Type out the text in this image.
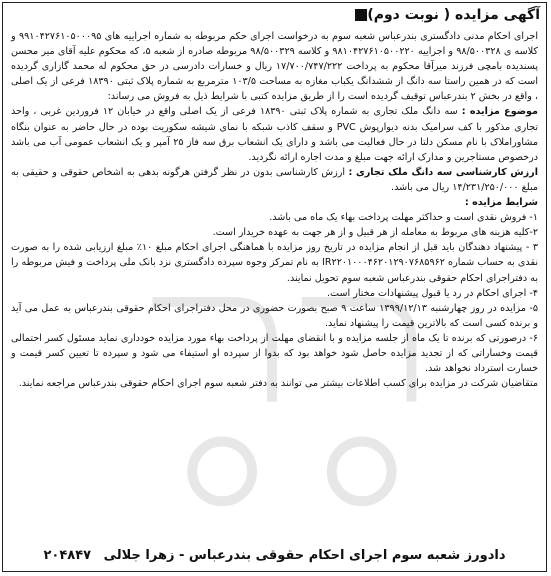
آگهی مزایده ( نوبت دوم)

اجرای احکام مدنی دادگستری بندرعباس شعبه سوم به درخواست اجرای حکم مربوطه به شماره اجراییه های ۹۹۱۰۴۲۷۶۱۰۵۰۰۰۹۵ و کلاسه ی ۹۸/۵۰۰۳۲۸ و اجراییه ۹۸۱۰۴۲۷۶۱۰۵۰۰۲۲۰ و کلاسه ۹۸/۵۰۰۳۲۹ مربوطه صادره از شعبه ۵، که محکوم علیه آقای میر محسن پسندیده بامچی فرزند میرآقا محکوم به پرداخت ۱۷/۷۰۰/۷۴۷/۲۲۲ ریال و خسارات دادرسی در حق محکوم له محمد گازاری گردیده است که در همین راستا سه دانگ از ششدانگ یکباب مغازه به مساحت ۱۰۳/۵ مترمربع به شماره پلاک ثبتی ۱۸۳۹۰ فرعی از یک اصلی ، واقع در بخش ۲ بندرعباس توقیف گردیده است را از طریق مزایده کتبی با شرایط ذیل به فروش می رساند:

موضوع مزایده : سه دانگ ملک تجاری به شماره پلاک ثبتی ۱۸۳۹۰ فرعی از یک اصلی واقع در خیابان ۱۲ فروردین غربی ، واحد تجاری مذکور با کف سرامیک بدنه دیوارپوش PVC و سقف کاذب شبکه با نمای شیشه سکوریت بوده در حال حاضر به عنوان بنگاه مشاوراملاک با نام مسکن دلتا در حال فعالیت می باشد و دارای یک انشعاب برق سه فاز ۲۵ آمپر و یک انشعاب عمومی آب می باشد درخصوص مستاجرین و مدارک ارائه جهت مبلغ و مدت اجاره ارائه نگردید.

ارزش کارشناسی سه دانگ ملک تجاری : ارزش کارشناسی بدون در نظر گرفتن هرگونه بدهی به اشخاص حقوقی و حقیقی به مبلغ ۱۴/۲۳۱/۲۵۰/۰۰۰ ریال می باشد.

شرایط مزایده :

۱- فروش نقدی است و حداکثر مهلت پرداخت بهاء یک ماه می باشد.

۲-کلیه هزینه های مربوط به معامله از هر قبیل و از هر جهت به عهده خریدار است.

۳ - پیشنهاد دهندگان باید قبل از انجام مزایده در تاریخ روز مزایده با هماهنگی اجرای احکام مبلغ ۱۰٪ مبلغ ارزیابی شده را به صورت نقدی به حساب شماره IR۲۲۰۱۰۰۰۴۶۲۰۱۲۹۰۷۶۸۵۹۶۲ به نام تمرکز وجوه سپرده دادگستری نزد بانک ملی پرداخت و فیش مربوطه را به دفتراجرای احکام حقوقی بندرعباس شعبه سوم تحویل نمایند.

۴- اجرای احکام در رد یا قبول پیشنهادات مختار است.

۵- مزایده در روز چهارشنبه ۱۳۹۹/۱۲/۱۳ ساعت ۹ صبح بصورت حضوری در محل دفتراجرای احکام حقوقی بندرعباس به عمل می آید و برنده کسی است که بالاترین قیمت را پیشنهاد نماید.

۶- درصورتی که برنده تا یک ماه از جلسه مزایده و با انقضای مهلت از پرداخت بهاء مورد مزایده خودداری نماید مسئول کسر احتمالی قیمت وخساراتی که از تجدید مزایده حاصل شود خواهد بود که بدوا از سپرده او استیفاء می شود و سپرده تا تعیین کسر قیمت و خسارت استرداد نخواهد شد.

متقاضیان شرکت در مزایده برای کسب اطلاعات بیشتر می توانند به دفتر شعبه سوم اجرای احکام حقوقی بندرعباس مراجعه نمایند.

دادورز شعبه سوم اجرای احکام حقوقی بندرعباس - زهرا جلالی ۲۰۴۸۴۷
